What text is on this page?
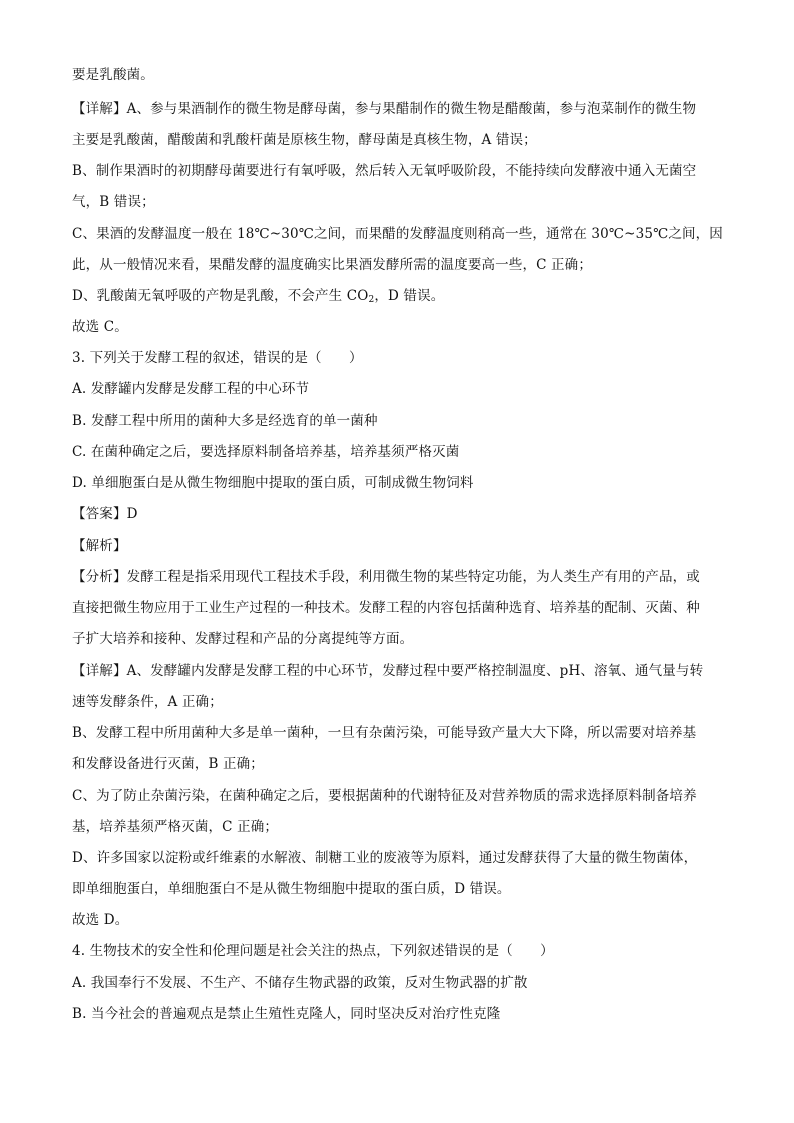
要是乳酸菌。
【详解】A、参与果酒制作的微生物是酵母菌，参与果醋制作的微生物是醋酸菌，参与泡菜制作的微生物
主要是乳酸菌，醋酸菌和乳酸杆菌是原核生物，酵母菌是真核生物，A 错误；
B、制作果酒时的初期酵母菌要进行有氧呼吸，然后转入无氧呼吸阶段，不能持续向发酵液中通入无菌空
气，B 错误；
C、果酒的发酵温度一般在 18℃~30℃之间，而果醋的发酵温度则稍高一些，通常在 30℃~35℃之间，因
此，从一般情况来看，果醋发酵的温度确实比果酒发酵所需的温度要高一些，C 正确；
D、乳酸菌无氧呼吸的产物是乳酸，不会产生 $CO_2$，D 错误。
故选 C。
3. 下列关于发酵工程的叙述，错误的是（　　）
A. 发酵罐内发酵是发酵工程的中心环节
B. 发酵工程中所用的菌种大多是经选育的单一菌种
C. 在菌种确定之后，要选择原料制备培养基，培养基须严格灭菌
D. 单细胞蛋白是从微生物细胞中提取的蛋白质，可制成微生物饲料
【答案】D
【解析】
【分析】发酵工程是指采用现代工程技术手段，利用微生物的某些特定功能，为人类生产有用的产品，或
直接把微生物应用于工业生产过程的一种技术。发酵工程的内容包括菌种选育、培养基的配制、灭菌、种
子扩大培养和接种、发酵过程和产品的分离提纯等方面。
【详解】A、发酵罐内发酵是发酵工程的中心环节，发酵过程中要严格控制温度、pH、溶氧、通气量与转
速等发酵条件，A 正确；
B、发酵工程中所用菌种大多是单一菌种，一旦有杂菌污染，可能导致产量大大下降，所以需要对培养基
和发酵设备进行灭菌，B 正确；
C、为了防止杂菌污染，在菌种确定之后，要根据菌种的代谢特征及对营养物质的需求选择原料制备培养
基，培养基须严格灭菌，C 正确；
D、许多国家以淀粉或纤维素的水解液、制糖工业的废液等为原料，通过发酵获得了大量的微生物菌体，
即单细胞蛋白，单细胞蛋白不是从微生物细胞中提取的蛋白质，D 错误。
故选 D。
4. 生物技术的安全性和伦理问题是社会关注的热点，下列叙述错误的是（　　）
A. 我国奉行不发展、不生产、不储存生物武器的政策，反对生物武器的扩散
B. 当今社会的普遍观点是禁止生殖性克隆人，同时坚决反对治疗性克隆
